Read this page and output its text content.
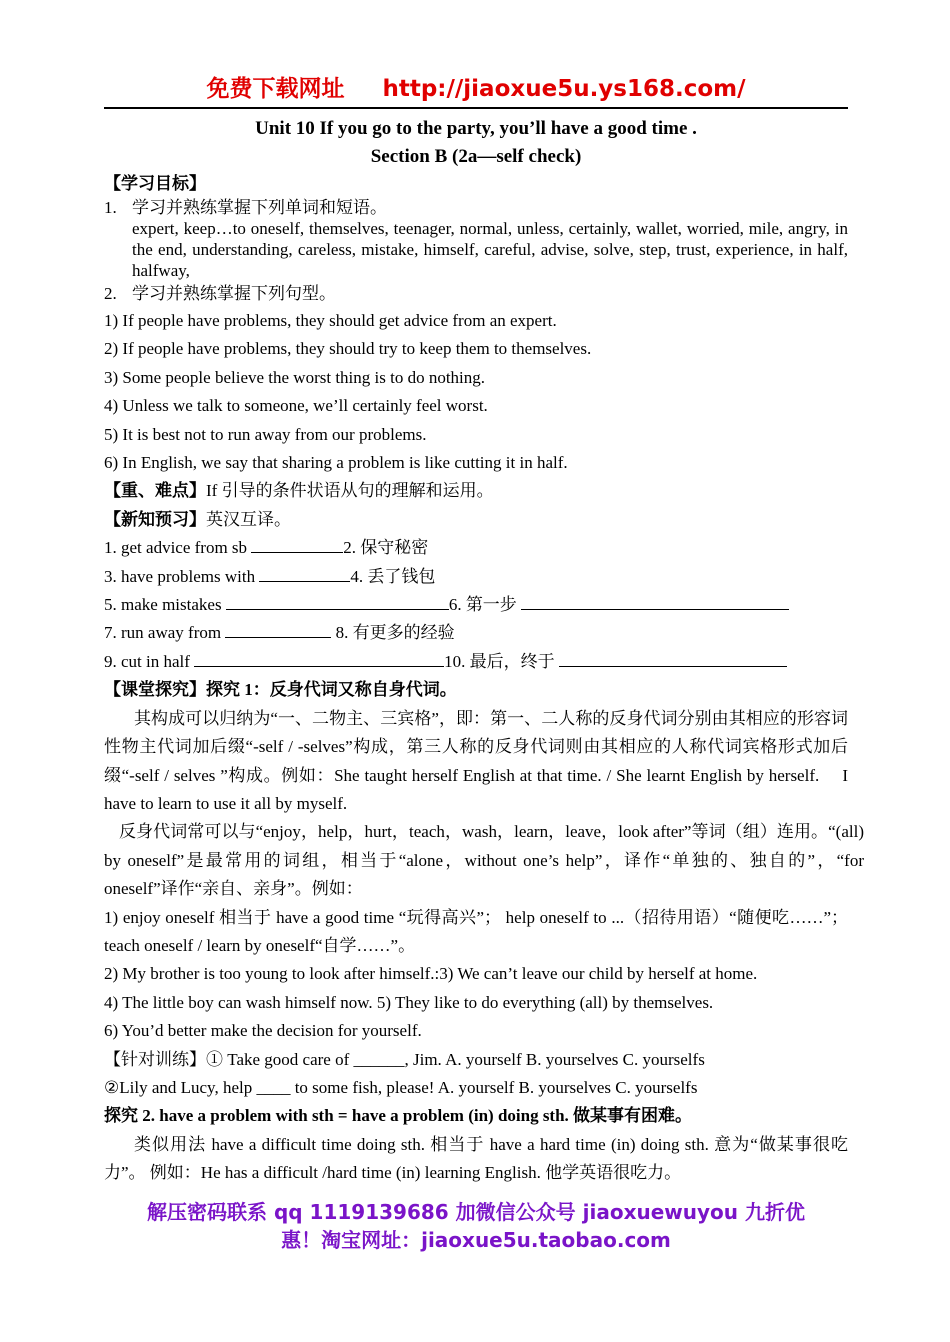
免费下载网址 http://jiaoxue5u.ys168.com/
Unit 10 If you go to the party, you’ll have a good time .
Section B (2a—self check)
【学习目标】
1. 学习并熟练掌握下列单词和短语。
expert, keep…to oneself, themselves, teenager, normal, unless, certainly, wallet, worried, mile, angry, in the end, understanding, careless, mistake, himself, careful, advise, solve, step, trust, experience, in half, halfway,
2. 学习并熟练掌握下列句型。
1) If people have problems, they should get advice from an expert.
2) If people have problems, they should try to keep them to themselves.
3) Some people believe the worst thing is to do nothing.
4) Unless we talk to someone, we’ll certainly feel worst.
5) It is best not to run away from our problems.
6) In English, we say that sharing a problem is like cutting it in half.
【重、难点】If 引导的条件状语从句的理解和运用。
【新知预习】英汉互译。
1. get advice from sb	2. 保守秘密
3. have problems with	4. 丢了钱包
5. make mistakes	6. 第一步
7. run away from	8. 有更多的经验
9. cut in half	10. 最后，终于
【课堂探究】探究 1：反身代词又称自身代词。
其构成可以归纳为“一、二物主、三宾格”，即：第一、二人称的反身代词分别由其相应的形容词性物主代词加后缀“-self / -selves”构成，第三人称的反身代词则由其相应的人称代词宾格形式加后缀“-self / selves ”构成。例如：She taught herself English at that time. / She learnt English by herself.　 I have to learn to use it all by myself.
反身代词常可以与“enjoy，help，hurt，teach，wash，learn，leave，look after”等词（组）连用。“(all) by oneself”是最常用的词组，相当于“alone，without one’s help”，译作“单独的、独自的”，“for oneself”译作“亲自、亲身”。例如：
1) enjoy oneself 相当于 have a good time “玩得高兴”； help oneself to ...（招待用语）“随便吃……”；teach oneself / learn by oneself“自学……”。
2) My brother is too young to look after himself.:3) We can’t leave our child by herself at home.
4) The little boy can wash himself now. 5) They like to do everything (all) by themselves.
6) You’d better make the decision for yourself.
【针对训练】① Take good care of ______, Jim. A. yourself B. yourselves C. yourselfs
②Lily and Lucy, help ____ to some fish, please! A. yourself B. yourselves C. yourselfs
探究 2. have a problem with sth = have a problem (in) doing sth. 做某事有困难。
类似用法 have a difficult time doing sth. 相当于 have a hard time (in) doing sth. 意为“做某事很吃力”。 例如：He has a difficult /hard time (in) learning English. 他学英语很吃力。
解压密码联系 qq 1119139686 加微信公众号 jiaoxuewuyou 九折优
惠！淘宝网址：jiaoxue5u.taobao.com
